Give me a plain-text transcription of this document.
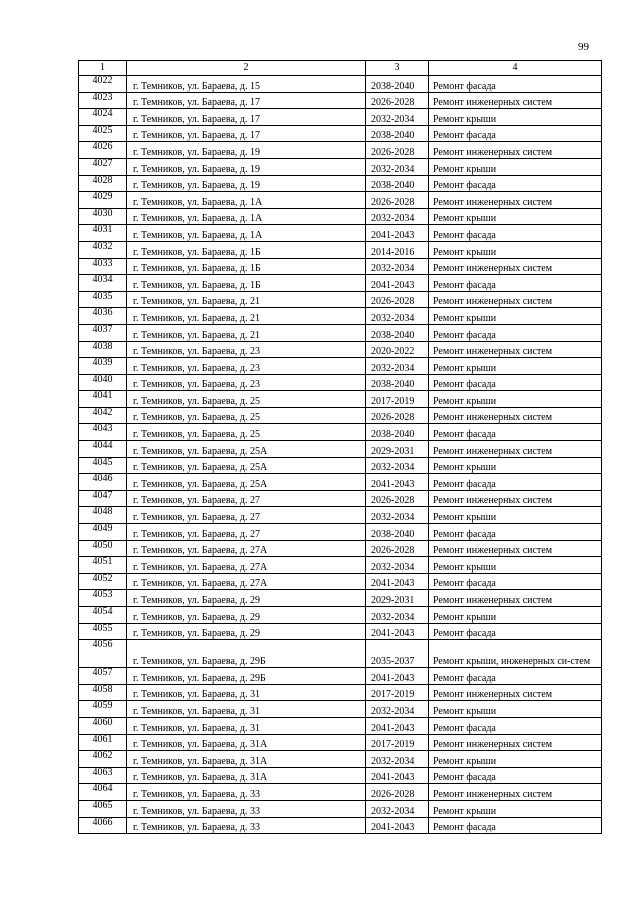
99
1	2	3	4
4022	г. Темников, ул. Бараева, д. 15	2038-2040	Ремонт фасада
4023	г. Темников, ул. Бараева, д. 17	2026-2028	Ремонт инженерных систем
4024	г. Темников, ул. Бараева, д. 17	2032-2034	Ремонт крыши
4025	г. Темников, ул. Бараева, д. 17	2038-2040	Ремонт фасада
4026	г. Темников, ул. Бараева, д. 19	2026-2028	Ремонт инженерных систем
4027	г. Темников, ул. Бараева, д. 19	2032-2034	Ремонт крыши
4028	г. Темников, ул. Бараева, д. 19	2038-2040	Ремонт фасада
4029	г. Темников, ул. Бараева, д. 1А	2026-2028	Ремонт инженерных систем
4030	г. Темников, ул. Бараева, д. 1А	2032-2034	Ремонт крыши
4031	г. Темников, ул. Бараева, д. 1А	2041-2043	Ремонт фасада
4032	г. Темников, ул. Бараева, д. 1Б	2014-2016	Ремонт крыши
4033	г. Темников, ул. Бараева, д. 1Б	2032-2034	Ремонт инженерных систем
4034	г. Темников, ул. Бараева, д. 1Б	2041-2043	Ремонт фасада
4035	г. Темников, ул. Бараева, д. 21	2026-2028	Ремонт инженерных систем
4036	г. Темников, ул. Бараева, д. 21	2032-2034	Ремонт крыши
4037	г. Темников, ул. Бараева, д. 21	2038-2040	Ремонт фасада
4038	г. Темников, ул. Бараева, д. 23	2020-2022	Ремонт инженерных систем
4039	г. Темников, ул. Бараева, д. 23	2032-2034	Ремонт крыши
4040	г. Темников, ул. Бараева, д. 23	2038-2040	Ремонт фасада
4041	г. Темников, ул. Бараева, д. 25	2017-2019	Ремонт крыши
4042	г. Темников, ул. Бараева, д. 25	2026-2028	Ремонт инженерных систем
4043	г. Темников, ул. Бараева, д. 25	2038-2040	Ремонт фасада
4044	г. Темников, ул. Бараева, д. 25А	2029-2031	Ремонт инженерных систем
4045	г. Темников, ул. Бараева, д. 25А	2032-2034	Ремонт крыши
4046	г. Темников, ул. Бараева, д. 25А	2041-2043	Ремонт фасада
4047	г. Темников, ул. Бараева, д. 27	2026-2028	Ремонт инженерных систем
4048	г. Темников, ул. Бараева, д. 27	2032-2034	Ремонт крыши
4049	г. Темников, ул. Бараева, д. 27	2038-2040	Ремонт фасада
4050	г. Темников, ул. Бараева, д. 27А	2026-2028	Ремонт инженерных систем
4051	г. Темников, ул. Бараева, д. 27А	2032-2034	Ремонт крыши
4052	г. Темников, ул. Бараева, д. 27А	2041-2043	Ремонт фасада
4053	г. Темников, ул. Бараева, д. 29	2029-2031	Ремонт инженерных систем
4054	г. Темников, ул. Бараева, д. 29	2032-2034	Ремонт крыши
4055	г. Темников, ул. Бараева, д. 29	2041-2043	Ремонт фасада
4056	г. Темников, ул. Бараева, д. 29Б	2035-2037	Ремонт крыши, инженерных си-стем
4057	г. Темников, ул. Бараева, д. 29Б	2041-2043	Ремонт фасада
4058	г. Темников, ул. Бараева, д. 31	2017-2019	Ремонт инженерных систем
4059	г. Темников, ул. Бараева, д. 31	2032-2034	Ремонт крыши
4060	г. Темников, ул. Бараева, д. 31	2041-2043	Ремонт фасада
4061	г. Темников, ул. Бараева, д. 31А	2017-2019	Ремонт инженерных систем
4062	г. Темников, ул. Бараева, д. 31А	2032-2034	Ремонт крыши
4063	г. Темников, ул. Бараева, д. 31А	2041-2043	Ремонт фасада
4064	г. Темников, ул. Бараева, д. 33	2026-2028	Ремонт инженерных систем
4065	г. Темников, ул. Бараева, д. 33	2032-2034	Ремонт крыши
4066	г. Темников, ул. Бараева, д. 33	2041-2043	Ремонт фасада
